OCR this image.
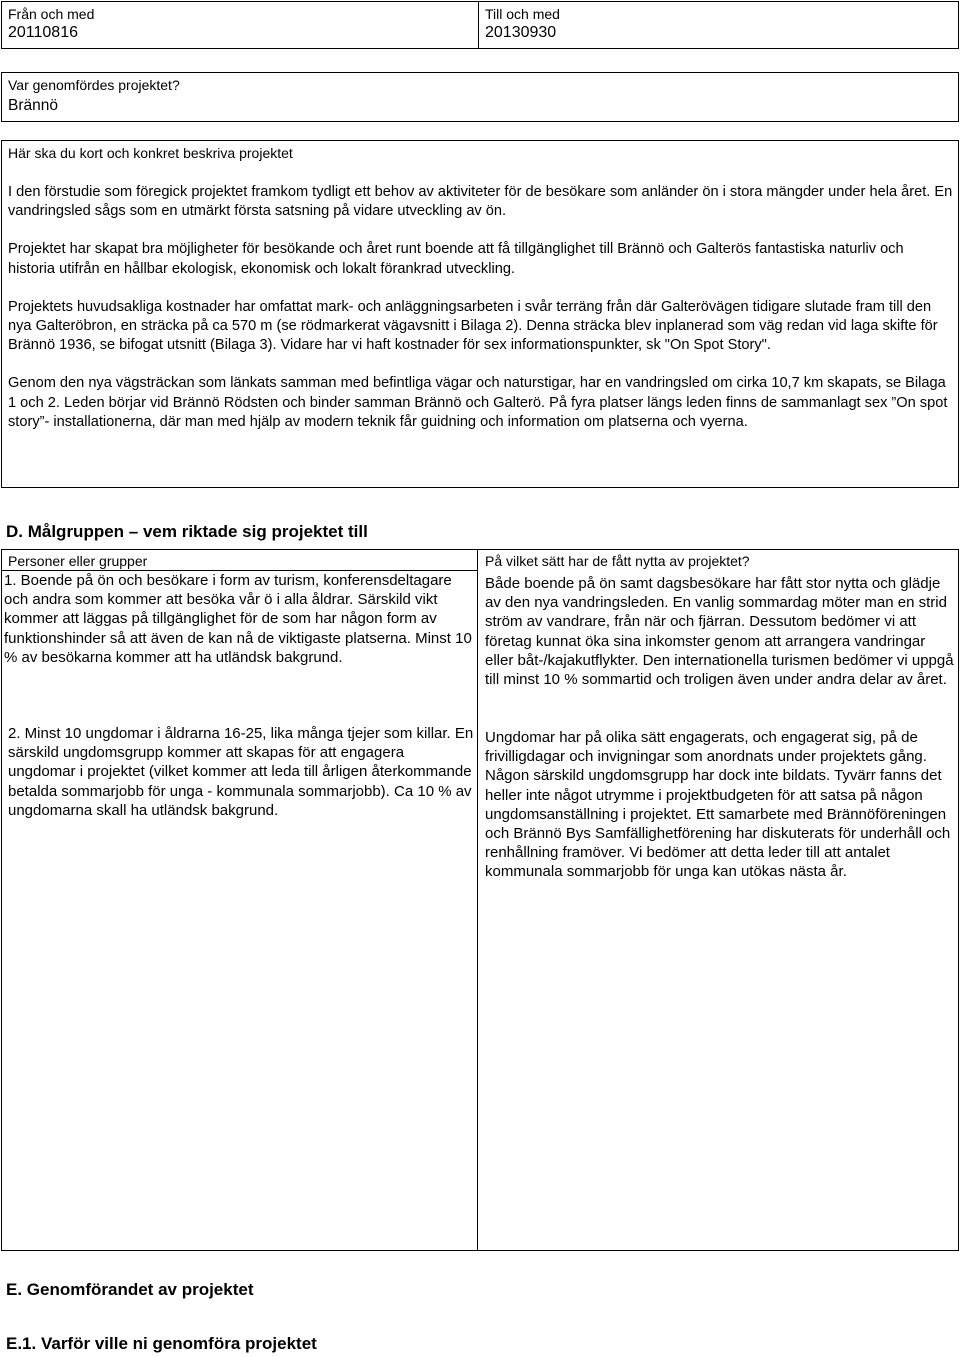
Från och med
20110816
Till och med
20130930
Var genomfördes projektet?
Brännö
Här ska du kort och konkret beskriva projektet

I den förstudie som föregick projektet framkom tydligt ett behov av aktiviteter för de besökare som anländer ön i stora mängder under hela året. En vandringsled sågs som en utmärkt första satsning på vidare utveckling av ön.

Projektet har skapat bra möjligheter för besökande och året runt boende att få tillgänglighet till Brännö och Galterös fantastiska naturliv och historia utifrån en hållbar ekologisk, ekonomisk och lokalt förankrad utveckling.

Projektets huvudsakliga kostnader har omfattat mark- och anläggningsarbeten i svår terräng från där Galterövägen tidigare slutade fram till den nya Galteröbron, en sträcka på ca 570 m (se rödmarkerat vägavsnitt i Bilaga 2). Denna sträcka blev inplanerad som väg redan vid laga skifte för Brännö 1936, se bifogat utsnitt (Bilaga 3). Vidare har vi haft kostnader för sex informationspunkter, sk "On Spot Story".

Genom den nya vägsträckan som länkats samman med befintliga vägar och naturstigar, har en vandringsled om cirka 10,7 km skapats, se Bilaga 1 och 2. Leden börjar vid Brännö Rödsten och binder samman Brännö och Galterö. På fyra platser längs leden finns de sammanlagt sex ”On spot story”- installationerna, där man med hjälp av modern teknik får guidning och information om platserna och vyerna.

D. Målgruppen – vem riktade sig projektet till
Personer eller grupper	På vilket sätt har de fått nytta av projektet?
1. Boende på ön och besökare i form av turism, konferensdeltagare och andra som kommer att besöka vår ö i alla åldrar. Särskild vikt kommer att läggas på tillgänglighet för de som har någon form av funktionshinder så att även de kan nå de viktigaste platserna. Minst 10 % av besökarna kommer att ha utländsk bakgrund.
2. Minst 10 ungdomar i åldrarna 16-25, lika många tjejer som killar. En särskild ungdomsgrupp kommer att skapas för att engagera ungdomar i projektet (vilket kommer att leda till årligen återkommande betalda sommarjobb för unga - kommunala sommarjobb). Ca 10 % av ungdomarna skall ha utländsk bakgrund.
Både boende på ön samt dagsbesökare har fått stor nytta och glädje av den nya vandringsleden. En vanlig sommardag möter man en strid ström av vandrare, från när och fjärran. Dessutom bedömer vi att företag kunnat öka sina inkomster genom att arrangera vandringar eller båt-/kajakutflykter. Den internationella turismen bedömer vi uppgå till minst 10 % sommartid och troligen även under andra delar av året.
Ungdomar har på olika sätt engagerats, och engagerat sig, på de frivilligdagar och invigningar som anordnats under projektets gång. Någon särskild ungdomsgrupp har dock inte bildats. Tyvärr fanns det heller inte något utrymme i projektbudgeten för att satsa på någon ungdomsanställning i projektet. Ett samarbete med Brännöföreningen och Brännö Bys Samfällighetförening har diskuterats för underhåll och renhållning framöver. Vi bedömer att detta leder till att antalet kommunala sommarjobb för unga kan utökas nästa år.
E. Genomförandet av projektet
E.1. Varför ville ni genomföra projektet
